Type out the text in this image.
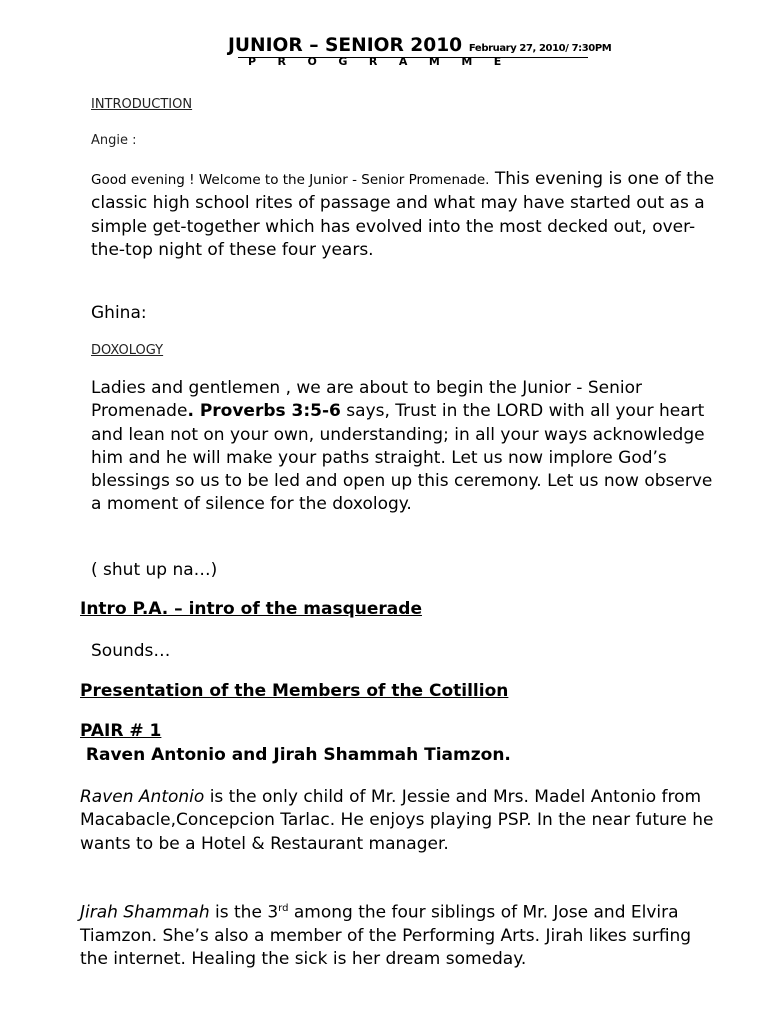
JUNIOR – SENIOR 2010 February 27, 2010/ 7:30PM
PROGRAMME
INTRODUCTION
Angie :
Good evening ! Welcome to the Junior - Senior Promenade. This evening is one of the classic high school rites of passage and what may have started out as a simple get-together which has evolved into the most decked out, over-the-top night of these four years.
Ghina:
DOXOLOGY
Ladies and gentlemen , we are about to begin the Junior - Senior Promenade. Proverbs 3:5-6 says, Trust in the LORD with all your heart and lean not on your own, understanding; in all your ways acknowledge him and he will make your paths straight. Let us now implore God’s blessings so us to be led and open up this ceremony. Let us now observe a moment of silence for the doxology.
( shut up na…)
Intro P.A. – intro of the masquerade
Sounds…
Presentation of the Members of the Cotillion
PAIR # 1
Raven Antonio and Jirah Shammah Tiamzon.
Raven Antonio is the only child of Mr. Jessie and Mrs. Madel Antonio from Macabacle,Concepcion Tarlac. He enjoys playing PSP. In the near future he wants to be a Hotel & Restaurant manager.
Jirah Shammah is the 3rd among the four siblings of Mr. Jose and Elvira Tiamzon. She’s also a member of the Performing Arts. Jirah likes surfing the internet. Healing the sick is her dream someday.
